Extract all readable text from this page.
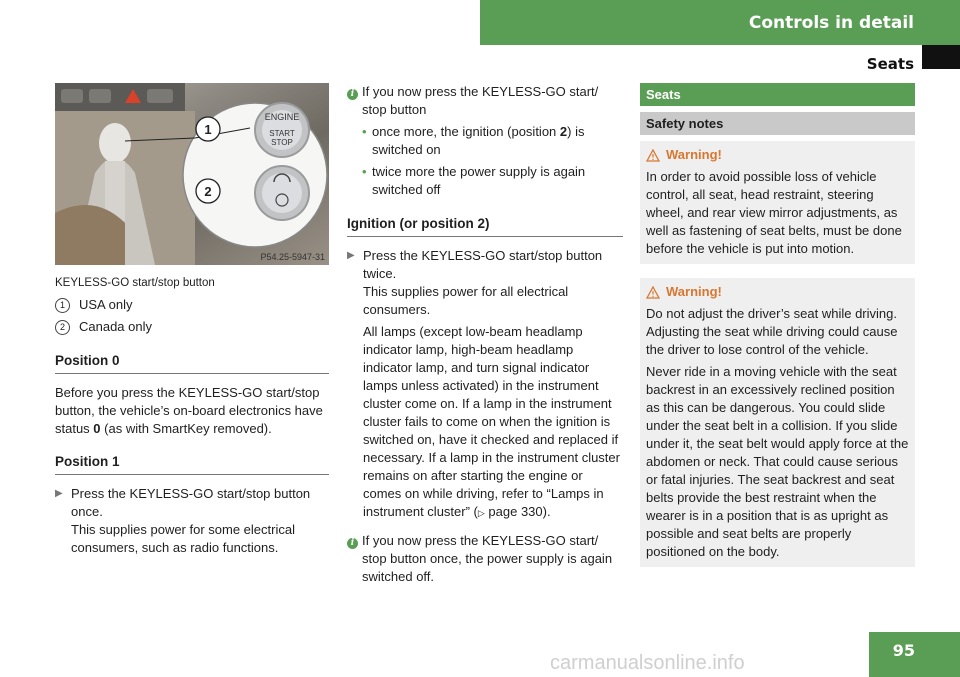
Controls in detail
Seats
ENGINE
START
STOP
1
2
P54.25-5947-31
KEYLESS-GO start/stop button
1	USA only
2	Canada only
Position 0

Before you press the KEYLESS-GO start/stop button, the vehicle’s on-board electronics have status 0 (as with SmartKey removed).

Position 1
▶ Press the KEYLESS-GO start/stop button once.

This supplies power for some electrical consumers, such as radio functions.

i If you now press the KEYLESS-GO start/ stop button

• once more, the ignition (position 2) is switched on

• twice more the power supply is again switched off

Ignition (or position 2)
▶ Press the KEYLESS-GO start/stop button twice.

This supplies power for all electrical consumers.

All lamps (except low-beam headlamp indicator lamp, high-beam headlamp indicator lamp, and turn signal indicator lamps unless activated) in the instrument cluster come on. If a lamp in the instrument cluster fails to come on when the ignition is switched on, have it checked and replaced if necessary. If a lamp in the instrument cluster remains on after starting the engine or comes on while driving, refer to “Lamps in instrument cluster” (▷ page 330).

i If you now press the KEYLESS-GO start/ stop button once, the power supply is again switched off.

Seats
Safety notes
Warning!

In order to avoid possible loss of vehicle control, all seat, head restraint, steering wheel, and rear view mirror adjustments, as well as fastening of seat belts, must be done before the vehicle is put into motion.

Warning!

Do not adjust the driver’s seat while driving. Adjusting the seat while driving could cause the driver to lose control of the vehicle.

Never ride in a moving vehicle with the seat backrest in an excessively reclined position as this can be dangerous. You could slide under the seat belt in a collision. If you slide under it, the seat belt would apply force at the abdomen or neck. That could cause serious or fatal injuries. The seat backrest and seat belts provide the best restraint when the wearer is in a position that is as upright as possible and seat belts are properly positioned on the body.

carmanualsonline.info
95
